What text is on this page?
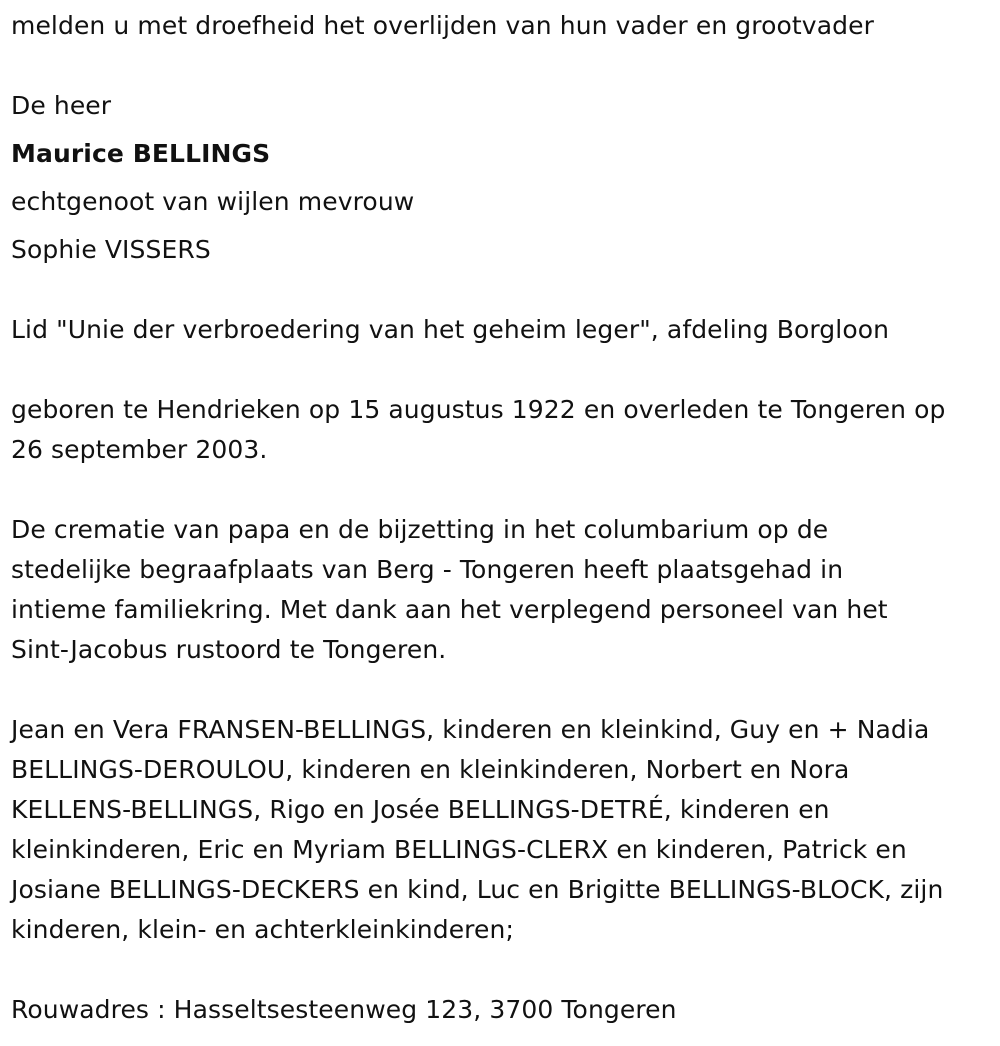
melden u met droefheid het overlijden van hun vader en grootvader

De heer

Maurice BELLINGS

echtgenoot van wijlen mevrouw

Sophie VISSERS

Lid "Unie der verbroedering van het geheim leger", afdeling Borgloon

geboren te Hendrieken op 15 augustus 1922 en overleden te Tongeren op

26 september 2003.

De crematie van papa en de bijzetting in het columbarium op de

stedelijke begraafplaats van Berg - Tongeren heeft plaatsgehad in

intieme familiekring. Met dank aan het verplegend personeel van het

Sint-Jacobus rustoord te Tongeren.

Jean en Vera FRANSEN-BELLINGS, kinderen en kleinkind, Guy en + Nadia

BELLINGS-DEROULOU, kinderen en kleinkinderen, Norbert en Nora

KELLENS-BELLINGS, Rigo en Josée BELLINGS-DETRÉ, kinderen en

kleinkinderen, Eric en Myriam BELLINGS-CLERX en kinderen, Patrick en

Josiane BELLINGS-DECKERS en kind, Luc en Brigitte BELLINGS-BLOCK, zijn

kinderen, klein- en achterkleinkinderen;

Rouwadres : Hasseltsesteenweg 123, 3700 Tongeren
